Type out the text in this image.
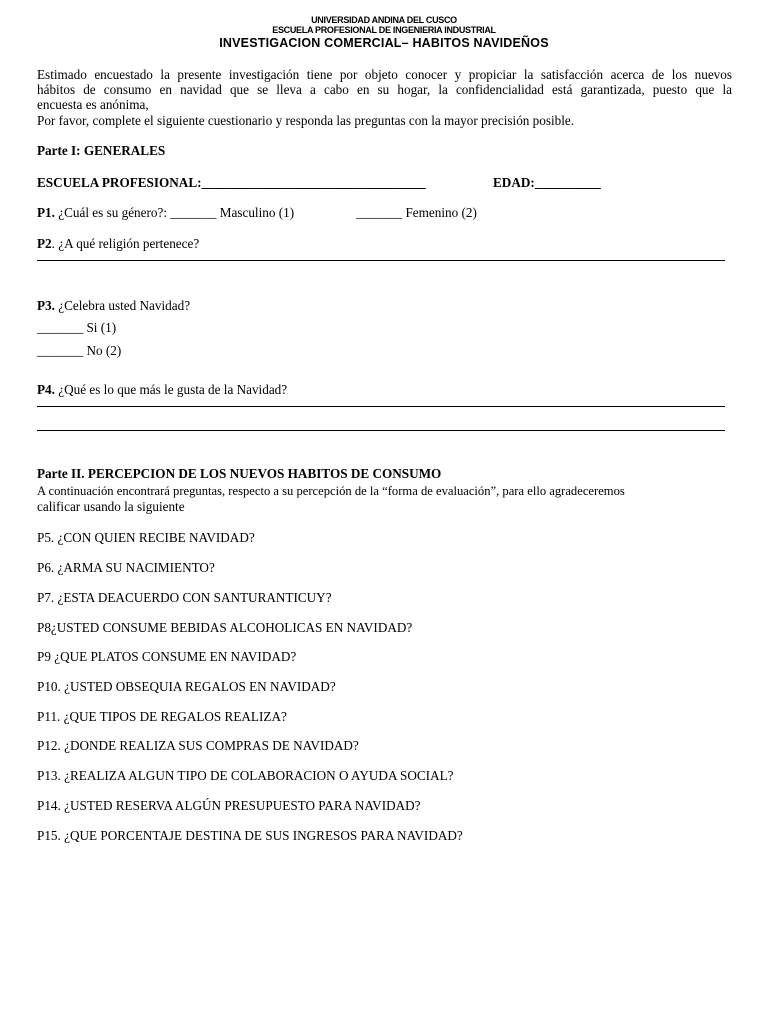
UNIVERSIDAD ANDINA DEL CUSCO
ESCUELA PROFESIONAL DE INGENIERIA INDUSTRIAL
INVESTIGACION COMERCIAL– HABITOS NAVIDEÑOS
Estimado encuestado la presente investigación tiene por objeto conocer y propiciar la satisfacción acerca de los nuevos
hábitos de consumo en navidad que se lleva a cabo en su hogar, la confidencialidad está garantizada, puesto que la
encuesta es anónima,
Por favor, complete el siguiente cuestionario y responda las preguntas con la mayor precisión posible.
Parte I: GENERALES
ESCUELA PROFESIONAL:__________________________________	EDAD:__________
P1. ¿Cuál es su género?: _______ Masculino (1)	_______ Femenino (2)
P2. ¿A qué religión pertenece?
P3. ¿Celebra usted Navidad?
_______ Si (1)
_______ No (2)
P4. ¿Qué es lo que más le gusta de la Navidad?
Parte II. PERCEPCION DE LOS NUEVOS HABITOS DE CONSUMO
A continuación encontrará preguntas, respecto a su percepción de la “forma de evaluación”, para ello agradeceremos
calificar usando la siguiente
P5. ¿CON QUIEN RECIBE NAVIDAD?
P6. ¿ARMA SU NACIMIENTO?
P7. ¿ESTA DEACUERDO CON SANTURANTICUY?
P8¿USTED CONSUME BEBIDAS ALCOHOLICAS EN NAVIDAD?
P9 ¿QUE PLATOS CONSUME EN NAVIDAD?
P10. ¿USTED OBSEQUIA REGALOS EN NAVIDAD?
P11. ¿QUE TIPOS DE REGALOS REALIZA?
P12. ¿DONDE REALIZA SUS COMPRAS DE NAVIDAD?
P13. ¿REALIZA ALGUN TIPO DE COLABORACION O AYUDA SOCIAL?
P14. ¿USTED RESERVA ALGÚN PRESUPUESTO PARA NAVIDAD?
P15. ¿QUE PORCENTAJE DESTINA DE SUS INGRESOS PARA NAVIDAD?
